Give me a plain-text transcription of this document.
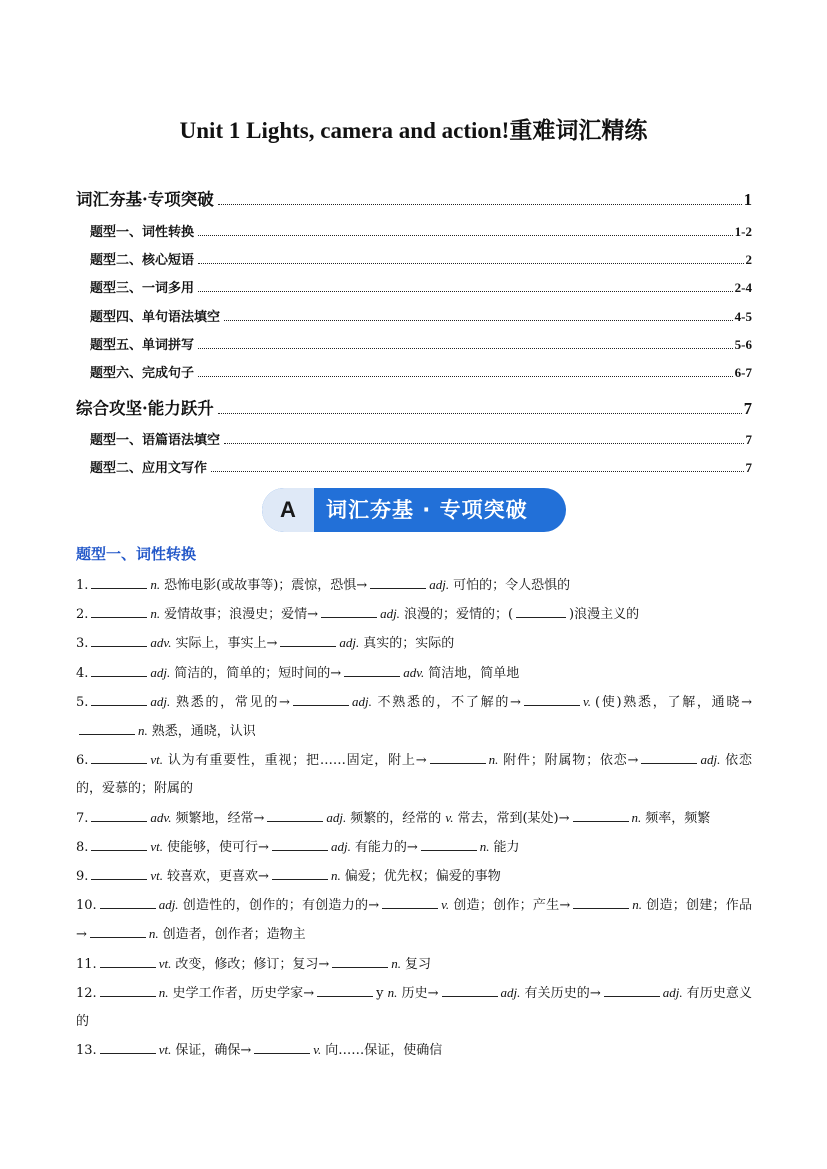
Unit 1 Lights, camera and action!重难词汇精练
词汇夯基·专项突破	1
题型一、词性转换	1-2
题型二、核心短语	2
题型三、一词多用	2-4
题型四、单句语法填空	4-5
题型五、单词拼写	5-6
题型六、完成句子	6-7
综合攻坚·能力跃升	7
题型一、语篇语法填空	7
题型二、应用文写作	7
A	词汇夯基 · 专项突破
题型一、词性转换
1.	n. 恐怖电影(或故事等)；震惊，恐惧→	adj. 可怕的；令人恐惧的
2.	n. 爱情故事；浪漫史；爱情→	adj. 浪漫的；爱情的；(	)浪漫主义的
3.	adv. 实际上，事实上→	adj. 真实的；实际的
4.	adj. 简洁的，简单的；短时间的→	adv. 简洁地，简单地
5.	adj. 熟悉的，常见的→	adj. 不熟悉的，不了解的→	v. (使)熟悉，了解，通晓→n. 熟悉，通晓，认识
6.	vt. 认为有重要性，重视；把……固定，附上→	n. 附件；附属物；依恋→	adj. 依恋的，爱慕的；附属的
7.	adv. 频繁地，经常→	adj. 频繁的，经常的 v. 常去，常到(某处)→	n. 频率，频繁
8.	vt. 使能够，使可行→	adj. 有能力的→	n. 能力
9.	vt. 较喜欢，更喜欢→	n. 偏爱；优先权；偏爱的事物
10.	adj. 创造性的，创作的；有创造力的→	v. 创造；创作；产生→	n. 创造；创建；作品→	n. 创造者，创作者；造物主
11.	vt. 改变，修改；修订；复习→	n. 复习
12.	n. 史学工作者，历史学家→	y n. 历史→	adj. 有关历史的→	adj. 有历史意义的
13.	vt. 保证，确保→	v. 向……保证，使确信
